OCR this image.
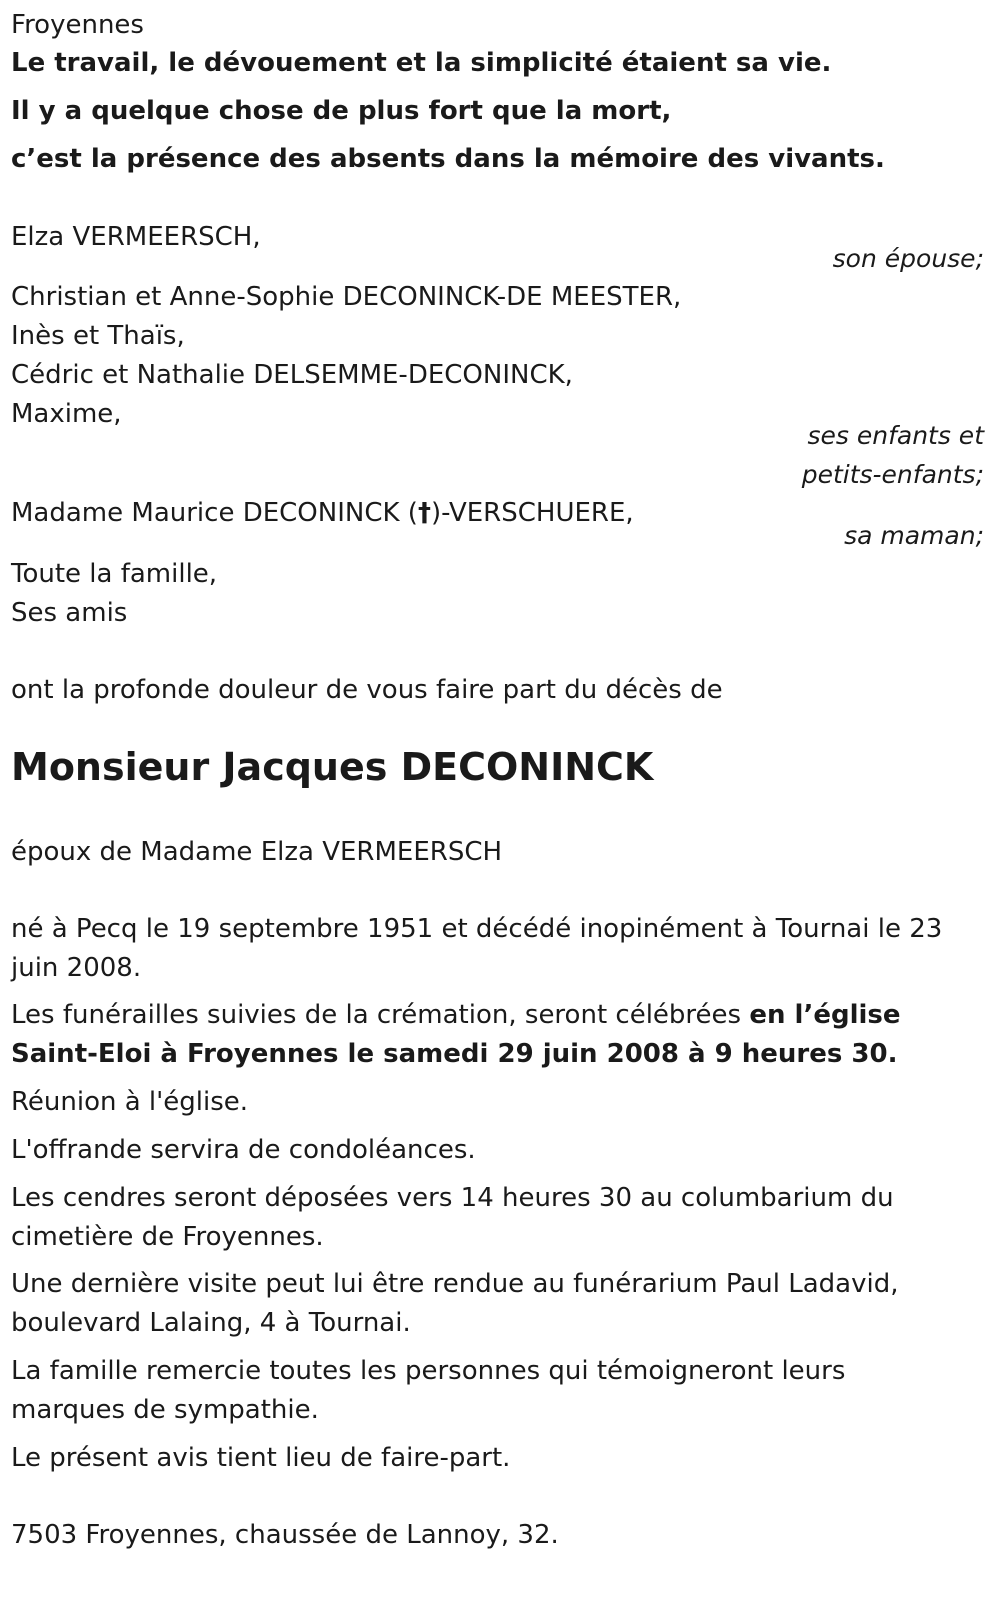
Froyennes

Le travail, le dévouement et la simplicité étaient sa vie.

Il y a quelque chose de plus fort que la mort,

c’est la présence des absents dans la mémoire des vivants.

Elza VERMEERSCH,

son épouse;

Christian et Anne-Sophie DECONINCK-DE MEESTER,

Inès et Thaïs,

Cédric et Nathalie DELSEMME-DECONINCK,

Maxime,

ses enfants et

petits-enfants;

Madame Maurice DECONINCK (†)-VERSCHUERE,

sa maman;

Toute la famille,

Ses amis

ont la profonde douleur de vous faire part du décès de

Monsieur Jacques DECONINCK

époux de Madame Elza VERMEERSCH

né à Pecq le 19 septembre 1951 et décédé inopinément à Tournai le 23

juin 2008.

Les funérailles suivies de la crémation, seront célébrées en l’église

Saint-Eloi à Froyennes le samedi 29 juin 2008 à 9 heures 30.

Réunion à l'église.

L'offrande servira de condoléances.

Les cendres seront déposées vers 14 heures 30 au columbarium du

cimetière de Froyennes.

Une dernière visite peut lui être rendue au funérarium Paul Ladavid,

boulevard Lalaing, 4 à Tournai.

La famille remercie toutes les personnes qui témoigneront leurs

marques de sympathie.

Le présent avis tient lieu de faire-part.

7503 Froyennes, chaussée de Lannoy, 32.
